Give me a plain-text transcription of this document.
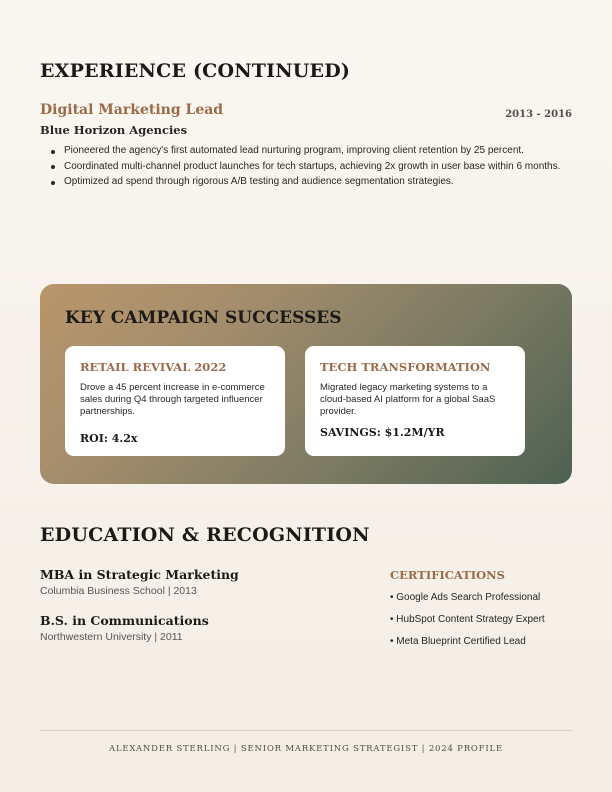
EXPERIENCE (CONTINUED)
Digital Marketing Lead	2013 - 2016
Blue Horizon Agencies
Pioneered the agency's first automated lead nurturing program, improving client retention by 25 percent.
Coordinated multi-channel product launches for tech startups, achieving 2x growth in user base within 6 months.
Optimized ad spend through rigorous A/B testing and audience segmentation strategies.
KEY CAMPAIGN SUCCESSES
RETAIL REVIVAL 2022
Drove a 45 percent increase in e-commerce sales during Q4 through targeted influencer partnerships.
ROI: 4.2x
TECH TRANSFORMATION
Migrated legacy marketing systems to a cloud-based AI platform for a global SaaS provider.
SAVINGS: $1.2M/YR
EDUCATION & RECOGNITION
MBA in Strategic Marketing
Columbia Business School | 2013
B.S. in Communications
Northwestern University | 2011
CERTIFICATIONS
• Google Ads Search Professional
• HubSpot Content Strategy Expert
• Meta Blueprint Certified Lead
ALEXANDER STERLING | SENIOR MARKETING STRATEGIST | 2024 PROFILE
